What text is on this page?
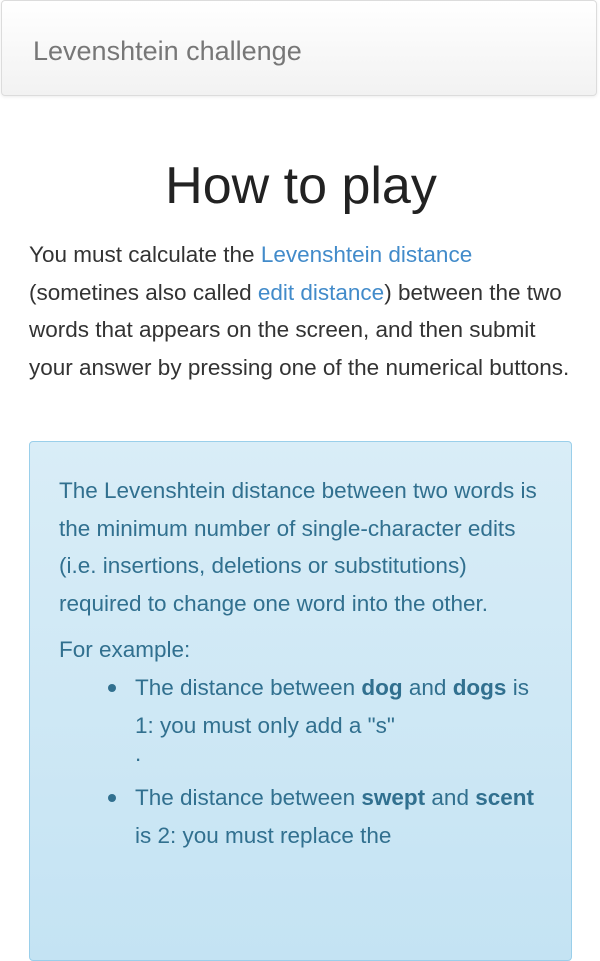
Levenshtein challenge
How to play

You must calculate the Levenshtein distance (sometines also called edit distance) between the two words that appears on the screen, and then submit your answer by pressing one of the numerical buttons.

The Levenshtein distance between two words is the minimum number of single-character edits (i.e. insertions, deletions or substitutions) required to change one word into the other.

For example:

The distance between dog and dogs is 1: you must only add a "s"
.
The distance between swept and scent is 2: you must replace the
